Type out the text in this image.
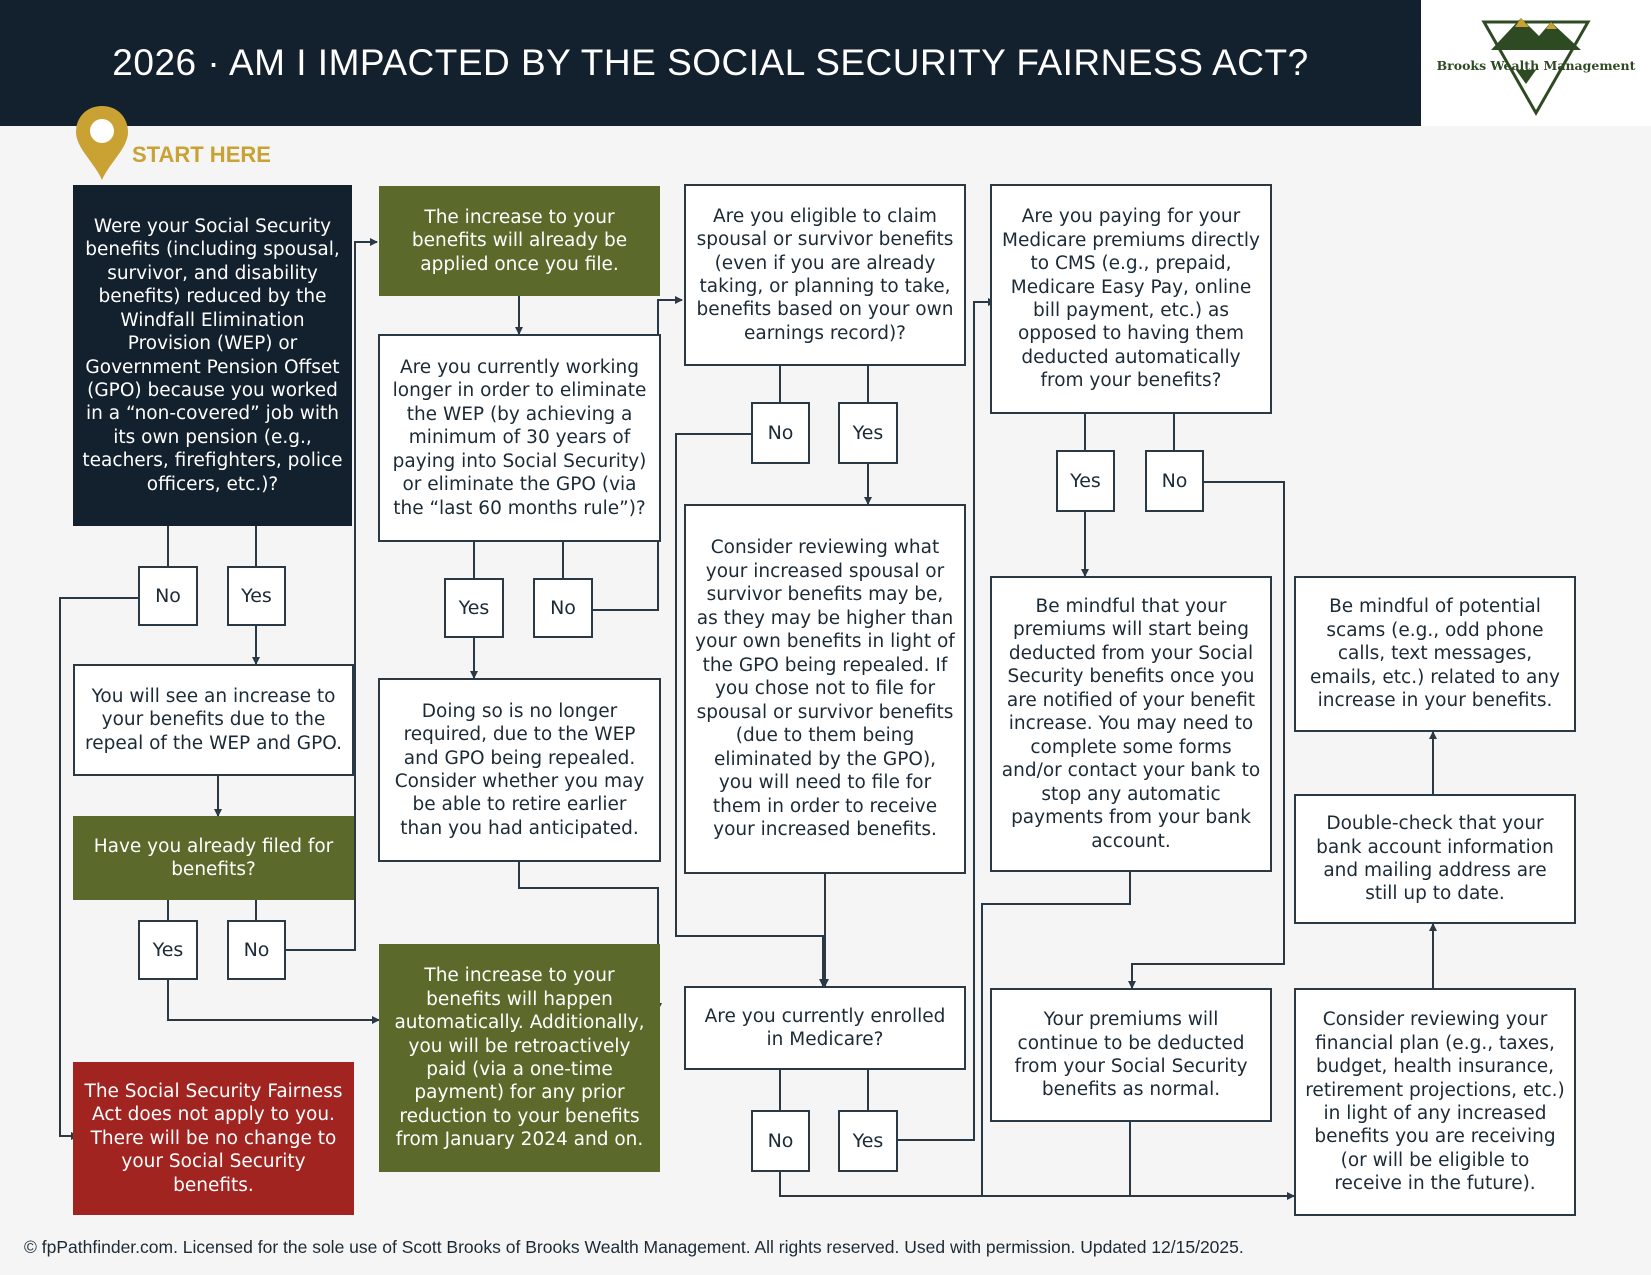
2026 · AM I IMPACTED BY THE SOCIAL SECURITY FAIRNESS ACT?	Brooks Wealth Management
START HERE
Were your Social Security benefits (including spousal, survivor, and disability benefits) reduced by the Windfall Elimination Provision (WEP) or Government Pension Offset (GPO) because you worked in a “non-covered” job with its own pension (e.g., teachers, firefighters, police officers, etc.)?
No	Yes
You will see an increase to your benefits due to the repeal of the WEP and GPO.
Have you already filed for benefits?
Yes	No
The Social Security Fairness Act does not apply to you. There will be no change to your Social Security benefits.
The increase to your benefits will already be applied once you file.
Are you currently working longer in order to eliminate the WEP (by achieving a minimum of 30 years of paying into Social Security) or eliminate the GPO (via the “last 60 months rule”)?
Yes	No
Doing so is no longer required, due to the WEP and GPO being repealed. Consider whether you may be able to retire earlier than you had anticipated.
The increase to your benefits will happen automatically. Additionally, you will be retroactively paid (via a one-time payment) for any prior reduction to your benefits from January 2024 and on.
Are you eligible to claim spousal or survivor benefits (even if you are already taking, or planning to take, benefits based on your own earnings record)?
No	Yes
Consider reviewing what your increased spousal or survivor benefits may be, as they may be higher than your own benefits in light of the GPO being repealed. If you chose not to file for spousal or survivor benefits (due to them being eliminated by the GPO), you will need to file for them in order to receive your increased benefits.
Are you currently enrolled in Medicare?
No	Yes
Are you paying for your Medicare premiums directly to CMS (e.g., prepaid, Medicare Easy Pay, online bill payment, etc.) as opposed to having them deducted automatically from your benefits?
Yes	No
Be mindful that your premiums will start being deducted from your Social Security benefits once you are notified of your benefit increase. You may need to complete some forms and/or contact your bank to stop any automatic payments from your bank account.
Your premiums will continue to be deducted from your Social Security benefits as normal.
Be mindful of potential scams (e.g., odd phone calls, text messages, emails, etc.) related to any increase in your benefits.
Double-check that your bank account information and mailing address are still up to date.
Consider reviewing your financial plan (e.g., taxes, budget, health insurance, retirement projections, etc.) in light of any increased benefits you are receiving (or will be eligible to receive in the future).
© fpPathfinder.com. Licensed for the sole use of Scott Brooks of Brooks Wealth Management. All rights reserved. Used with permission. Updated 12/15/2025.
